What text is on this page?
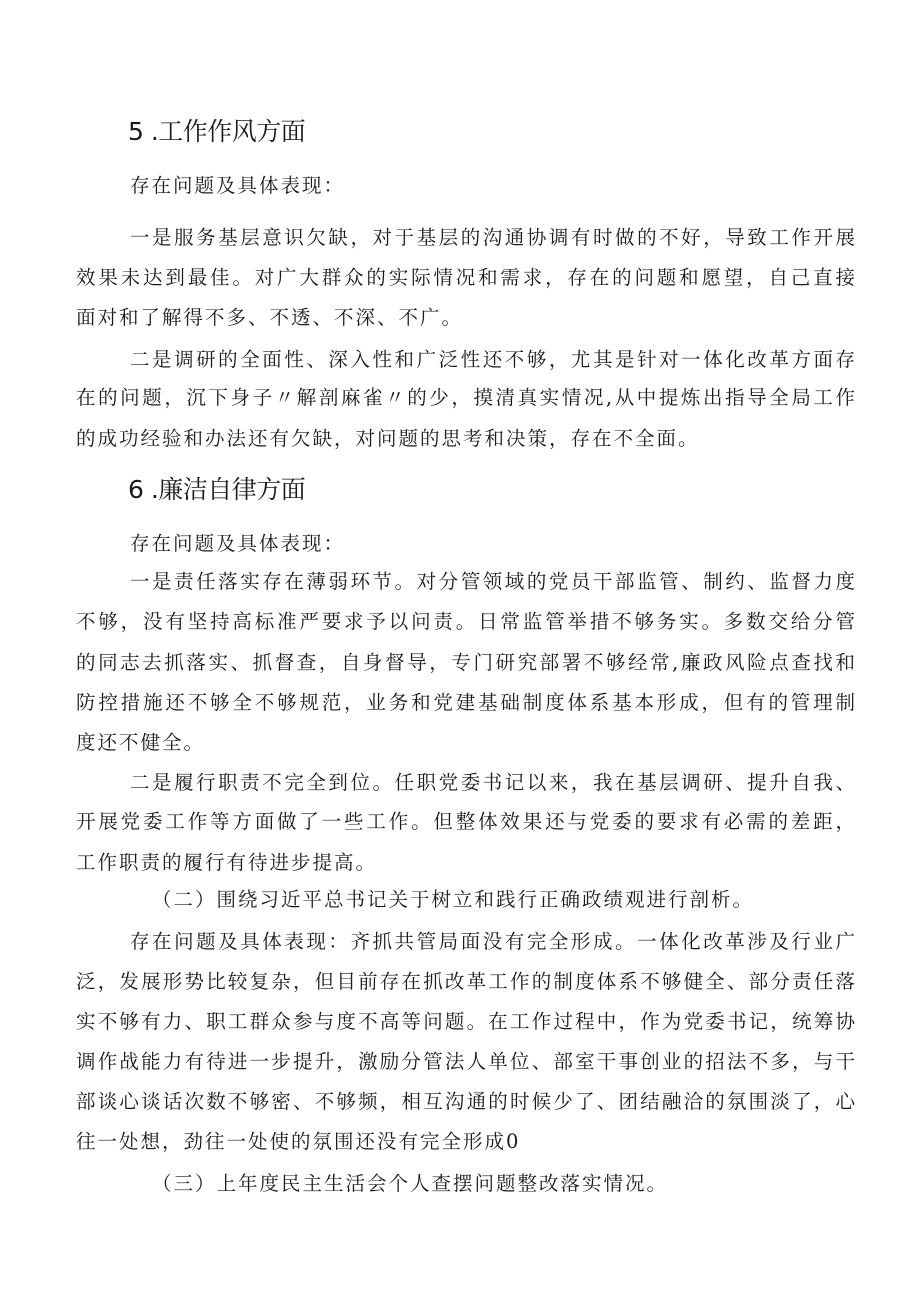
5 .工作作风方面
存在问题及具体表现：
一是服务基层意识欠缺，对于基层的沟通协调有时做的不好，导致工作开展
效果未达到最佳。对广大群众的实际情况和需求，存在的问题和愿望，自己直接
面对和了解得不多、不透、不深、不广。
二是调研的全面性、深入性和广泛性还不够，尤其是针对一体化改革方面存
在的问题，沉下身子〃解剖麻雀〃的少，摸清真实情况,从中提炼出指导全局工作
的成功经验和办法还有欠缺，对问题的思考和决策，存在不全面。
6 .廉洁自律方面
存在问题及具体表现：
一是责任落实存在薄弱环节。对分管领域的党员干部监管、制约、监督力度
不够，没有坚持高标准严要求予以问责。日常监管举措不够务实。多数交给分管
的同志去抓落实、抓督查，自身督导，专门研究部署不够经常,廉政风险点查找和
防控措施还不够全不够规范，业务和党建基础制度体系基本形成，但有的管理制
度还不健全。
二是履行职责不完全到位。任职党委书记以来，我在基层调研、提升自我、
开展党委工作等方面做了一些工作。但整体效果还与党委的要求有必需的差距，
工作职责的履行有待进步提高。
（二）围绕习近平总书记关于树立和践行正确政绩观进行剖析。
存在问题及具体表现：齐抓共管局面没有完全形成。一体化改革涉及行业广
泛，发展形势比较复杂，但目前存在抓改革工作的制度体系不够健全、部分责任落
实不够有力、职工群众参与度不高等问题。在工作过程中，作为党委书记，统筹协
调作战能力有待进一步提升，激励分管法人单位、部室干事创业的招法不多，与干
部谈心谈话次数不够密、不够频，相互沟通的时候少了、团结融洽的氛围淡了，心
往一处想，劲往一处使的氛围还没有完全形成0
（三）上年度民主生活会个人查摆问题整改落实情况。
